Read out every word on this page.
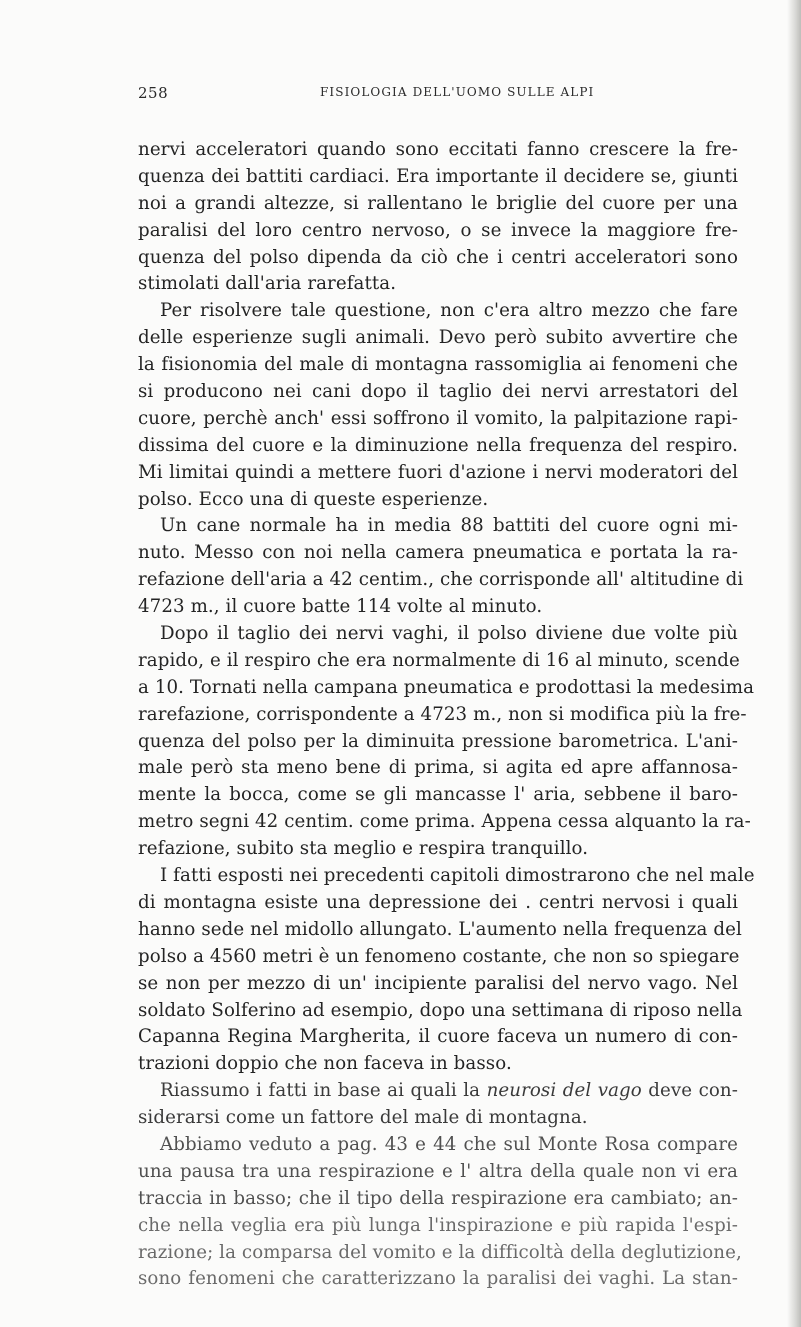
258	FISIOLOGIA DELL'UOMO SULLE ALPI
nervi acceleratori quando sono eccitati fanno crescere la fre-
quenza dei battiti cardiaci. Era importante il decidere se, giunti
noi a grandi altezze, si rallentano le briglie del cuore per una
paralisi del loro centro nervoso, o se invece la maggiore fre-
quenza del polso dipenda da ciò che i centri acceleratori sono
stimolati dall'aria rarefatta.
Per risolvere tale questione, non c'era altro mezzo che fare
delle esperienze sugli animali. Devo però subito avvertire che
la fisionomia del male di montagna rassomiglia ai fenomeni che
si producono nei cani dopo il taglio dei nervi arrestatori del
cuore, perchè anch' essi soffrono il vomito, la palpitazione rapi-
dissima del cuore e la diminuzione nella frequenza del respiro.
Mi limitai quindi a mettere fuori d'azione i nervi moderatori del
polso. Ecco una di queste esperienze.
Un cane normale ha in media 88 battiti del cuore ogni mi-
nuto. Messo con noi nella camera pneumatica e portata la ra-
refazione dell'aria a 42 centim., che corrisponde all' altitudine di
4723 m., il cuore batte 114 volte al minuto.
Dopo il taglio dei nervi vaghi, il polso diviene due volte più
rapido, e il respiro che era normalmente di 16 al minuto, scende
a 10. Tornati nella campana pneumatica e prodottasi la medesima
rarefazione, corrispondente a 4723 m., non si modifica più la fre-
quenza del polso per la diminuita pressione barometrica. L'ani-
male però sta meno bene di prima, si agita ed apre affannosa-
mente la bocca, come se gli mancasse l' aria, sebbene il baro-
metro segni 42 centim. come prima. Appena cessa alquanto la ra-
refazione, subito sta meglio e respira tranquillo.
I fatti esposti nei precedenti capitoli dimostrarono che nel male
di montagna esiste una depressione dei . centri nervosi i quali
hanno sede nel midollo allungato. L'aumento nella frequenza del
polso a 4560 metri è un fenomeno costante, che non so spiegare
se non per mezzo di un' incipiente paralisi del nervo vago. Nel
soldato Solferino ad esempio, dopo una settimana di riposo nella
Capanna Regina Margherita, il cuore faceva un numero di con-
trazioni doppio che non faceva in basso.
Riassumo i fatti in base ai quali la neurosi del vago deve con-
siderarsi come un fattore del male di montagna.
Abbiamo veduto a pag. 43 e 44 che sul Monte Rosa compare
una pausa tra una respirazione e l' altra della quale non vi era
traccia in basso; che il tipo della respirazione era cambiato; an-
che nella veglia era più lunga l'inspirazione e più rapida l'espi-
razione; la comparsa del vomito e la difficoltà della deglutizione,
sono fenomeni che caratterizzano la paralisi dei vaghi. La stan-
